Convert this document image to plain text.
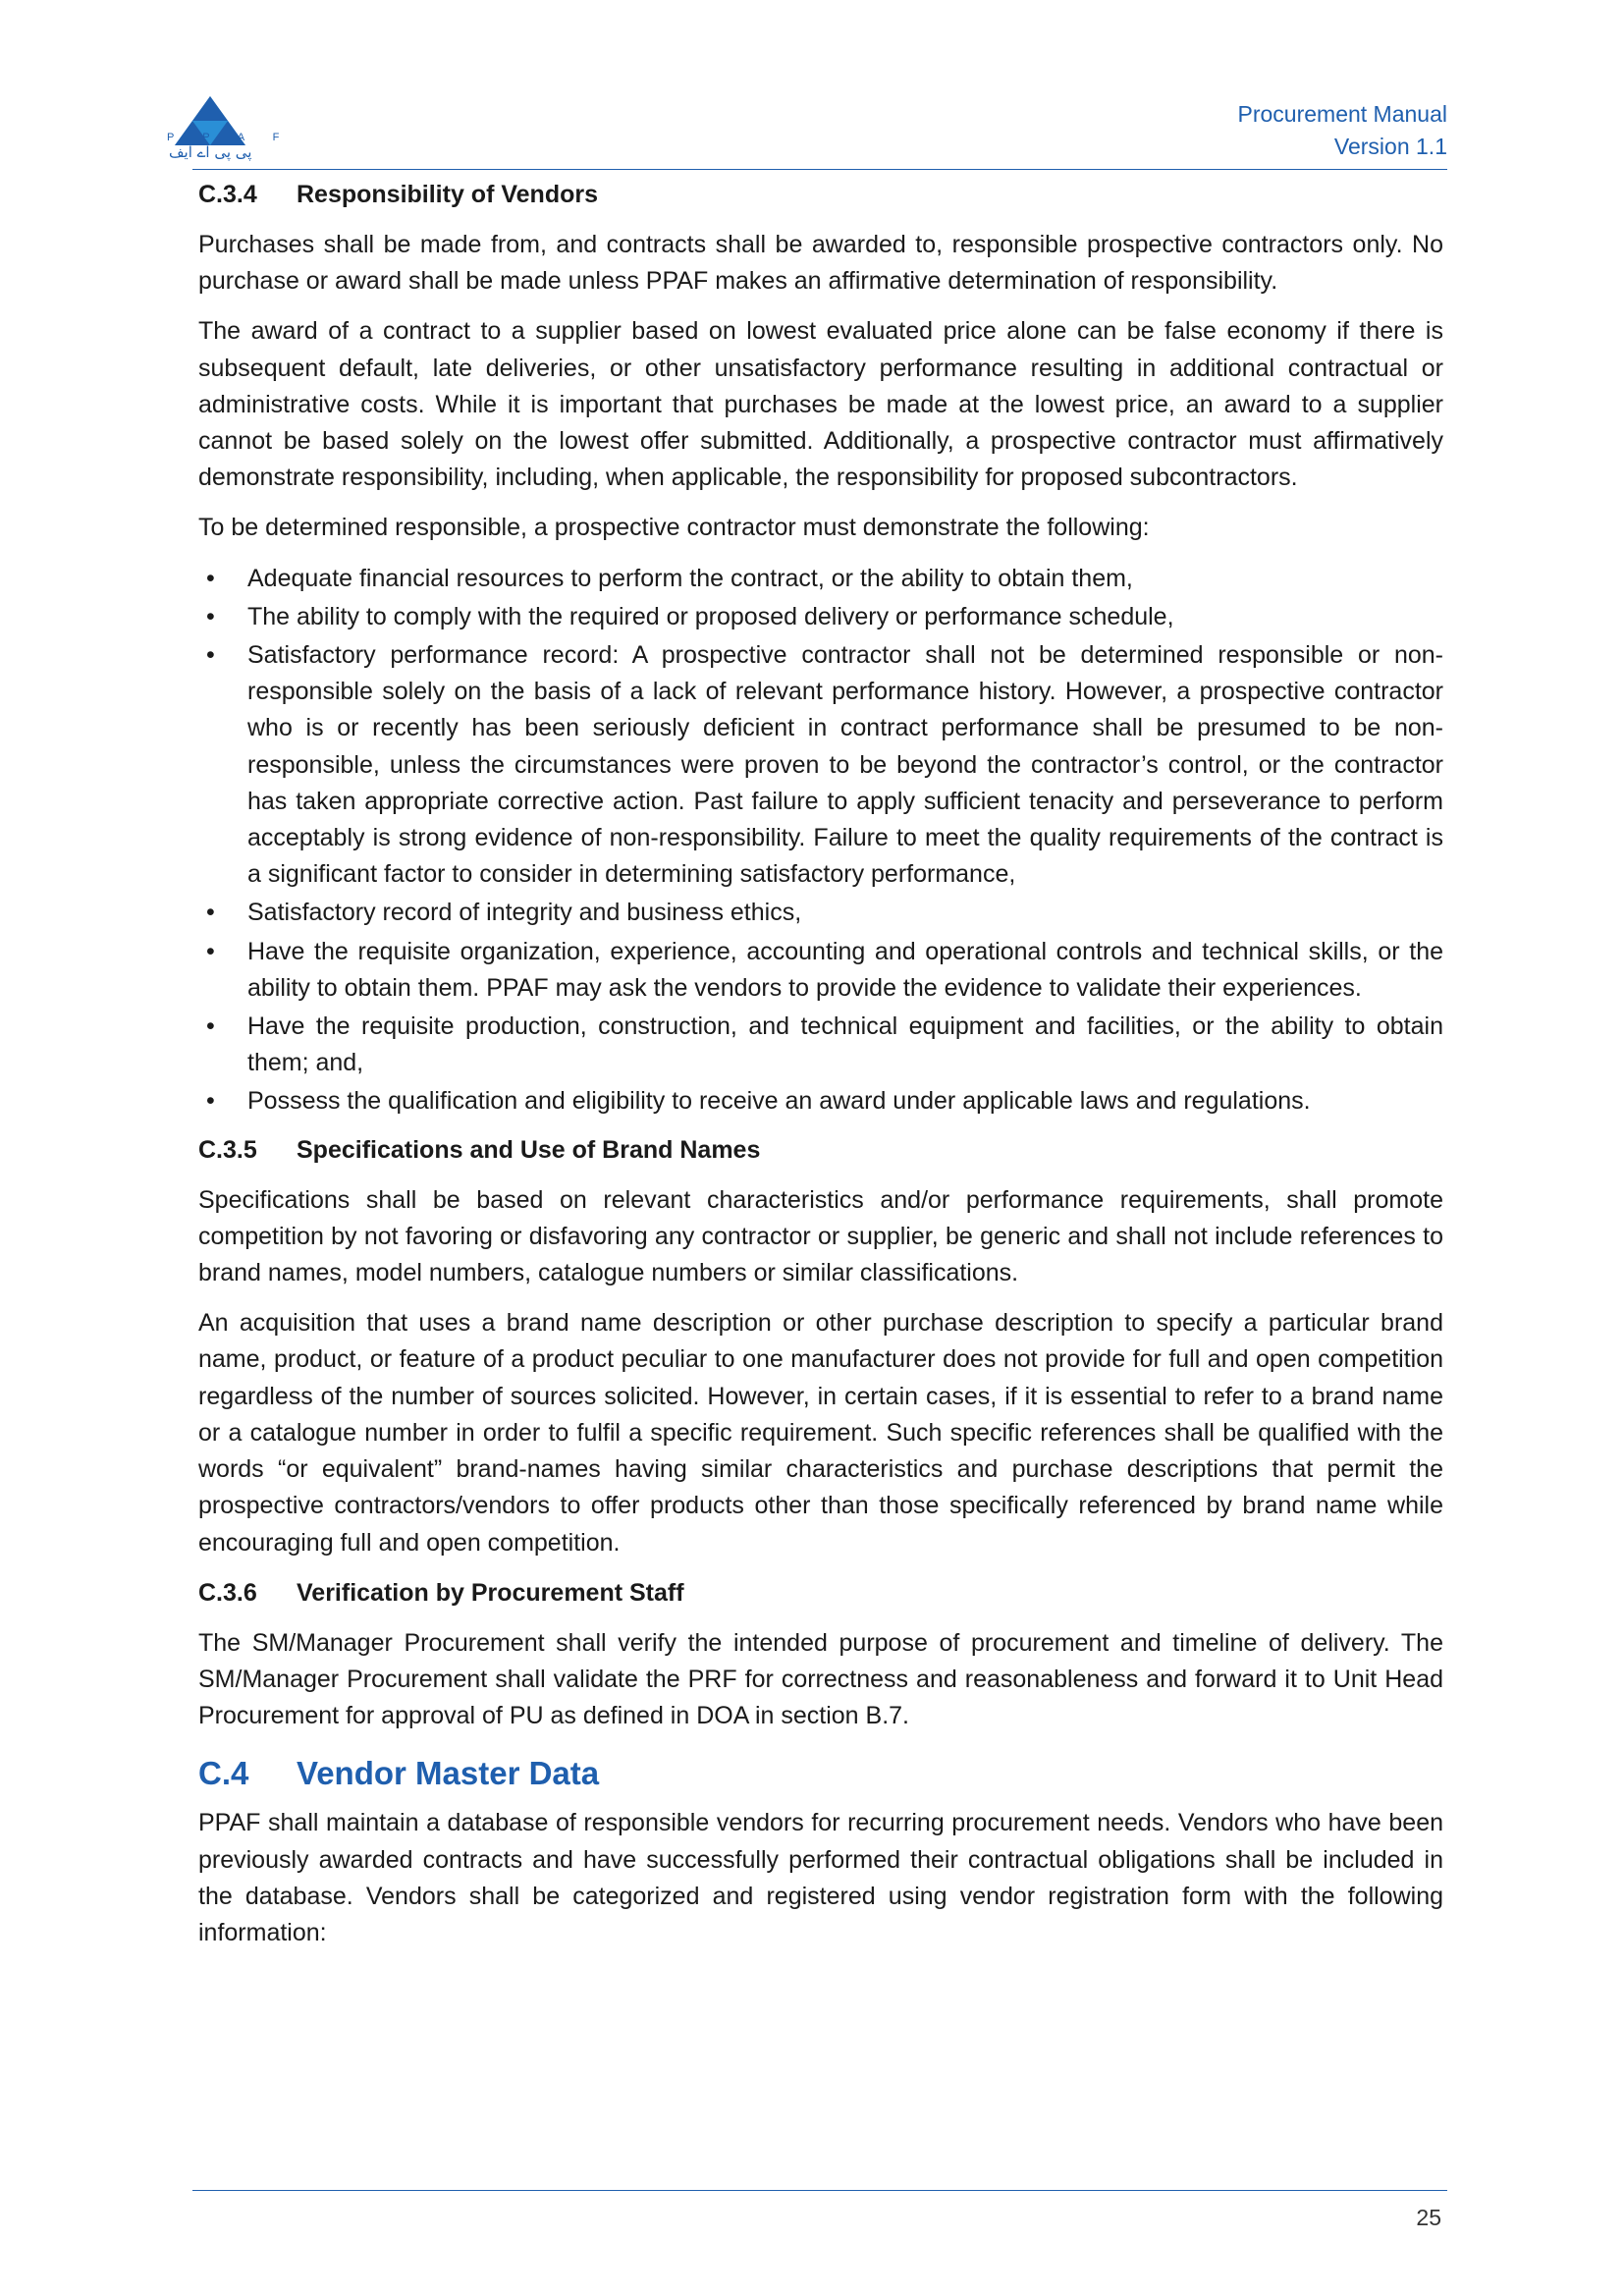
P P A F
پی پی اے ایف
Procurement Manual
Version 1.1
C.3.4	Responsibility of Vendors
Purchases shall be made from, and contracts shall be awarded to, responsible prospective contractors only. No purchase or award shall be made unless PPAF makes an affirmative determination of responsibility.
The award of a contract to a supplier based on lowest evaluated price alone can be false economy if there is subsequent default, late deliveries, or other unsatisfactory performance resulting in additional contractual or administrative costs. While it is important that purchases be made at the lowest price, an award to a supplier cannot be based solely on the lowest offer submitted. Additionally, a prospective contractor must affirmatively demonstrate responsibility, including, when applicable, the responsibility for proposed subcontractors.
To be determined responsible, a prospective contractor must demonstrate the following:
• Adequate financial resources to perform the contract, or the ability to obtain them,
• The ability to comply with the required or proposed delivery or performance schedule,
• Satisfactory performance record: A prospective contractor shall not be determined responsible or non-responsible solely on the basis of a lack of relevant performance history. However, a prospective contractor who is or recently has been seriously deficient in contract performance shall be presumed to be non-responsible, unless the circumstances were proven to be beyond the contractor’s control, or the contractor has taken appropriate corrective action. Past failure to apply sufficient tenacity and perseverance to perform acceptably is strong evidence of non-responsibility. Failure to meet the quality requirements of the contract is a significant factor to consider in determining satisfactory performance,
• Satisfactory record of integrity and business ethics,
• Have the requisite organization, experience, accounting and operational controls and technical skills, or the ability to obtain them. PPAF may ask the vendors to provide the evidence to validate their experiences.
• Have the requisite production, construction, and technical equipment and facilities, or the ability to obtain them; and,
• Possess the qualification and eligibility to receive an award under applicable laws and regulations.
C.3.5	Specifications and Use of Brand Names
Specifications shall be based on relevant characteristics and/or performance requirements, shall promote competition by not favoring or disfavoring any contractor or supplier, be generic and shall not include references to brand names, model numbers, catalogue numbers or similar classifications.
An acquisition that uses a brand name description or other purchase description to specify a particular brand name, product, or feature of a product peculiar to one manufacturer does not provide for full and open competition regardless of the number of sources solicited. However, in certain cases, if it is essential to refer to a brand name or a catalogue number in order to fulfil a specific requirement. Such specific references shall be qualified with the words “or equivalent” brand-names having similar characteristics and purchase descriptions that permit the prospective contractors/vendors to offer products other than those specifically referenced by brand name while encouraging full and open competition.
C.3.6	Verification by Procurement Staff
The SM/Manager Procurement shall verify the intended purpose of procurement and timeline of delivery. The SM/Manager Procurement shall validate the PRF for correctness and reasonableness and forward it to Unit Head Procurement for approval of PU as defined in DOA in section B.7.
C.4	Vendor Master Data
PPAF shall maintain a database of responsible vendors for recurring procurement needs. Vendors who have been previously awarded contracts and have successfully performed their contractual obligations shall be included in the database. Vendors shall be categorized and registered using vendor registration form with the following information:
25
